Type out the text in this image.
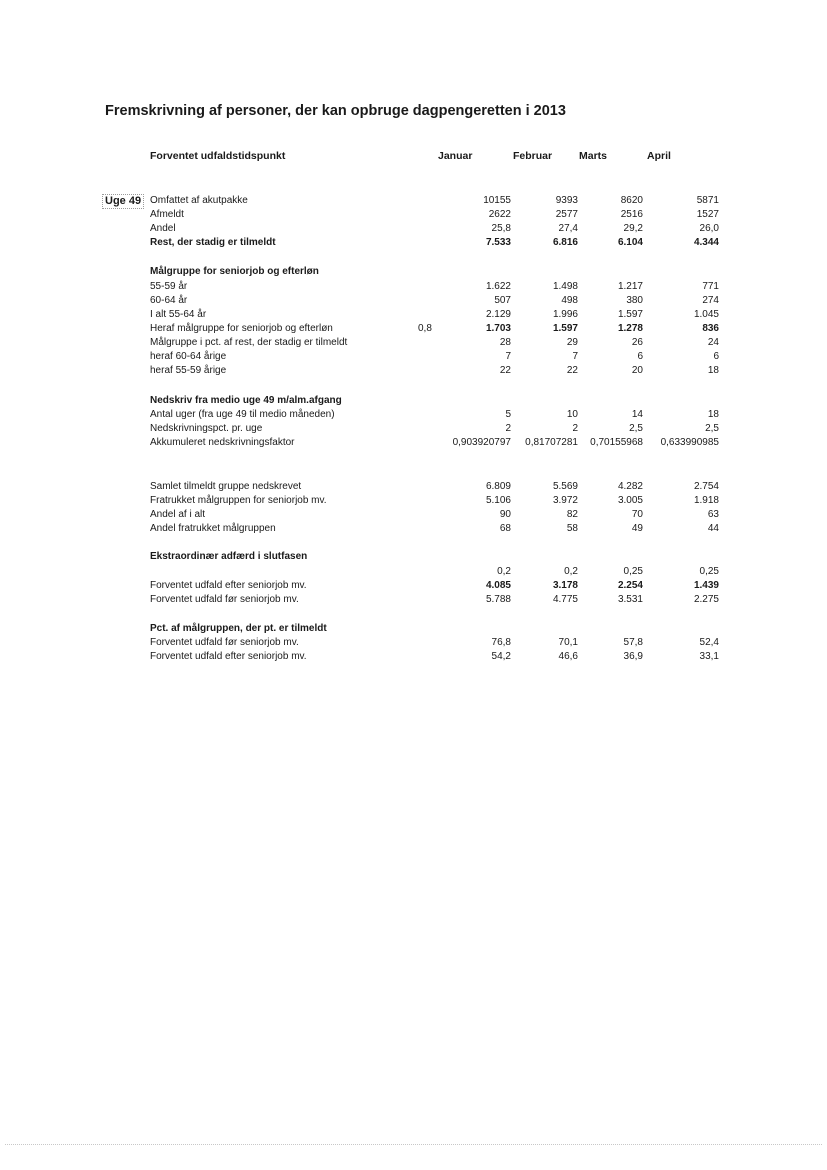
Fremskrivning af personer, der kan opbruge dagpengeretten i 2013
Forventet udfaldstidspunkt	Januar	Februar	Marts	April
Uge 49 Omfattet af akutpakke	10155	9393	8620	5871
Afmeldt	2622	2577	2516	1527
Andel	25,8	27,4	29,2	26,0
Rest, der stadig er tilmeldt	7.533	6.816	6.104	4.344
Målgruppe for seniorjob og efterløn
55-59 år	1.622	1.498	1.217	771
60-64 år	507	498	380	274
I alt 55-64 år	2.129	1.996	1.597	1.045
Heraf målgruppe for seniorjob og efterløn	0,8	1.703	1.597	1.278	836
Målgruppe i pct. af rest, der stadig er tilmeldt	28	29	26	24
heraf 60-64 årige	7	7	6	6
heraf 55-59 årige	22	22	20	18
Nedskriv fra medio uge 49 m/alm.afgang
Antal uger (fra uge 49 til medio måneden)	5	10	14	18
Nedskrivningspct. pr. uge	2	2	2,5	2,5
Akkumuleret nedskrivningsfaktor	0,903920797	0,81707281	0,70155968	0,633990985
Samlet tilmeldt gruppe nedskrevet	6.809	5.569	4.282	2.754
Fratrukket målgruppen for seniorjob mv.	5.106	3.972	3.005	1.918
Andel af i alt	90	82	70	63
Andel fratrukket målgruppen	68	58	49	44
Ekstraordinær adfærd i slutfasen
0,2	0,2	0,25	0,25
Forventet udfald efter seniorjob mv.	4.085	3.178	2.254	1.439
Forventet udfald før seniorjob mv.	5.788	4.775	3.531	2.275
Pct. af målgruppen, der pt. er tilmeldt
Forventet udfald før seniorjob mv.	76,8	70,1	57,8	52,4
Forventet udfald efter seniorjob mv.	54,2	46,6	36,9	33,1
